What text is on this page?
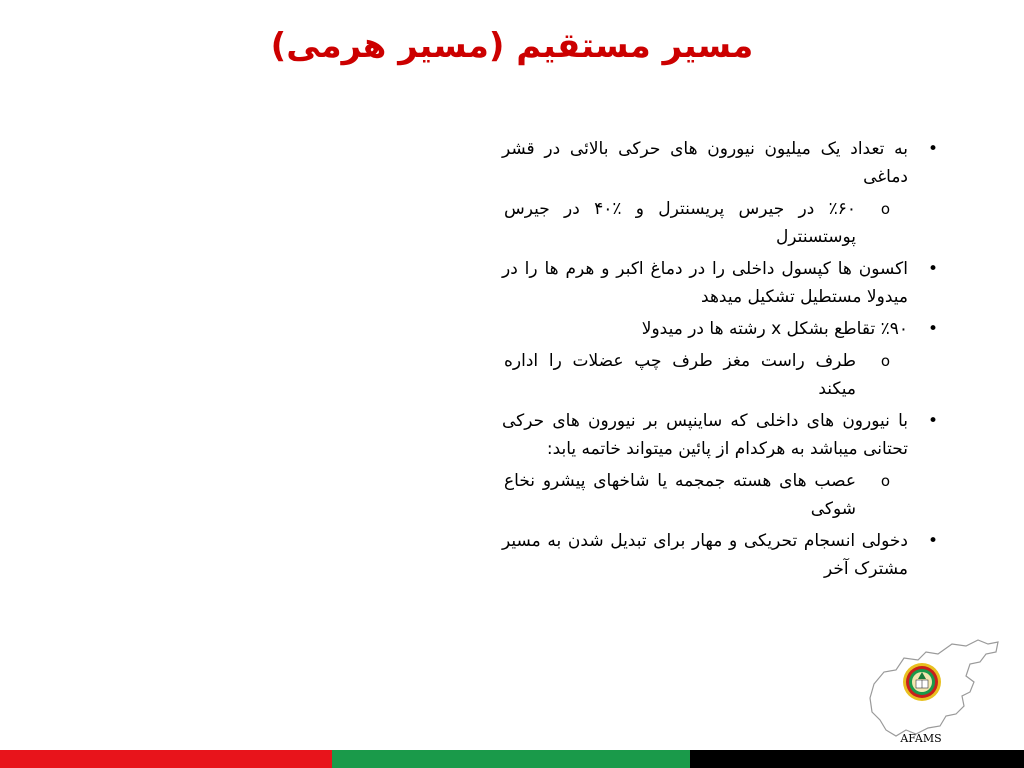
مسیر مستقیم (مسیر هرمی)
•
به تعداد یک میلیون نیورون های حرکی بالائی در قشر دماغی
o
٪۶۰ در جیرس پریسنترل و ٪۴۰ در جیرس پوستسنترل
•
اکسون ها کپسول داخلی را در دماغ اکبر و هرم ها را در میدولا مستطیل تشکیل میدهد
•
٪۹۰ تقاطع بشکل x رشته ها در میدولا
o
طرف راست مغز طرف چپ عضلات را اداره میکند
•
با نیورون های داخلی که ساینپس بر نیورون های حرکی تحتانی میباشد به هرکدام از پائین میتواند خاتمه یابد:
o
عصب های هسته جمجمه یا شاخهای پیشرو نخاع شوکی
•
دخولی انسجام تحریکی و مهار برای تبدیل شدن به مسیر مشترک آخر
AFAMS
